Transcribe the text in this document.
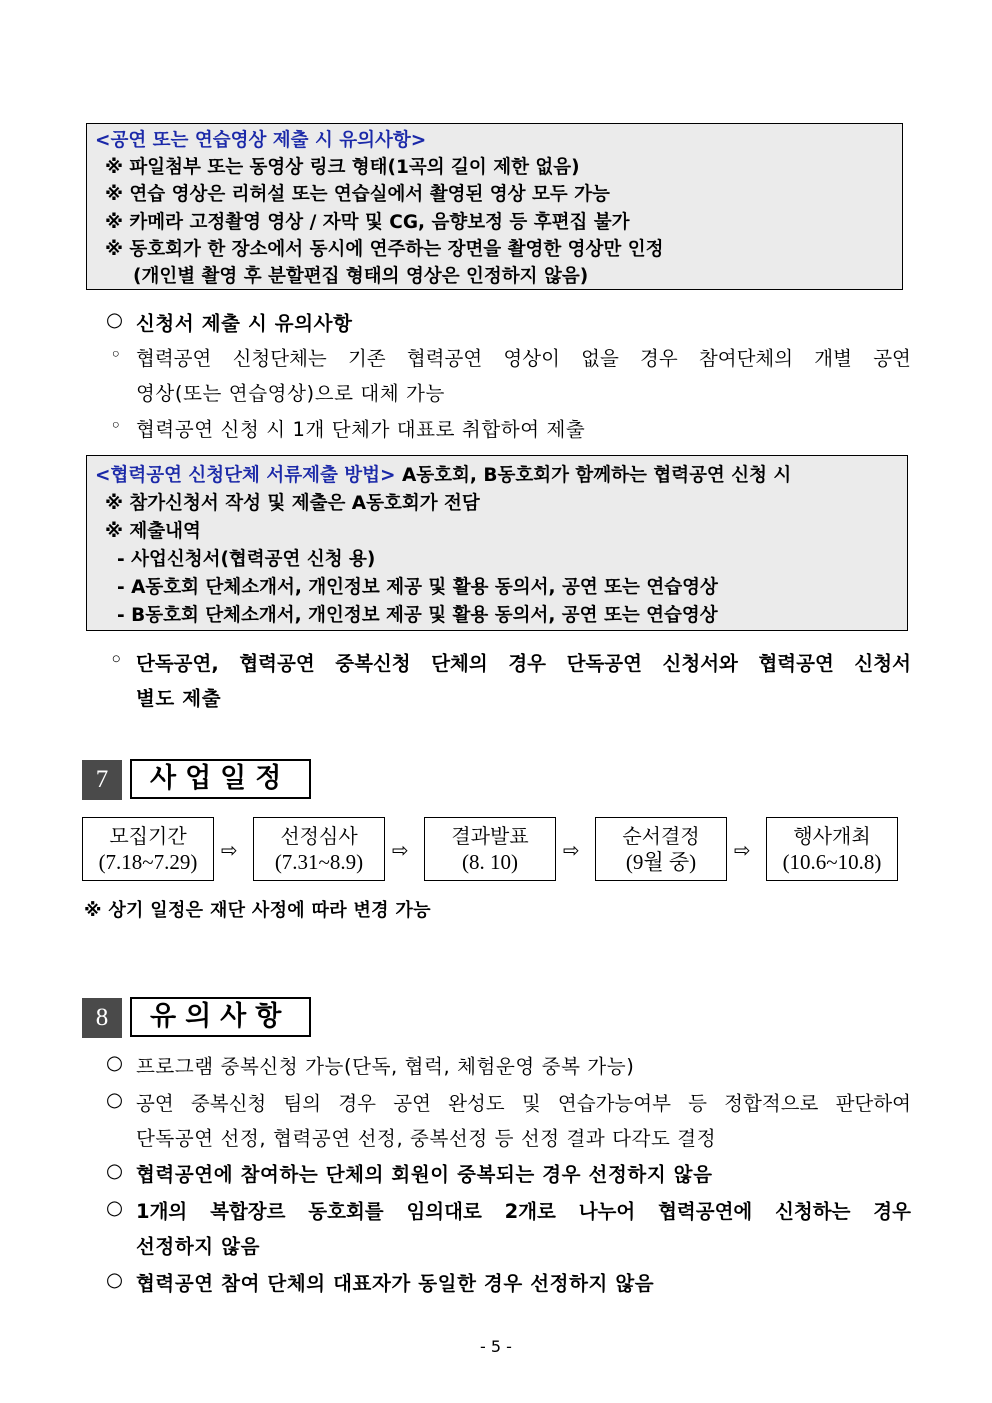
<공연 또는 연습영상 제출 시 유의사항>
※ 파일첨부 또는 동영상 링크 형태(1곡의 길이 제한 없음)
※ 연습 영상은 리허설 또는 연습실에서 촬영된 영상 모두 가능
※ 카메라 고정촬영 영상 / 자막 및 CG, 음향보정 등 후편집 불가
※ 동호회가 한 장소에서 동시에 연주하는 장면을 촬영한 영상만 인정
(개인별 촬영 후 분할편집 형태의 영상은 인정하지 않음)
○ 신청서 제출 시 유의사항
◦ 협력공연 신청단체는 기존 협력공연 영상이 없을 경우 참여단체의 개별 공연
영상(또는 연습영상)으로 대체 가능
◦ 협력공연 신청 시 1개 단체가 대표로 취합하여 제출
<협력공연 신청단체 서류제출 방법> A동호회, B동호회가 함께하는 협력공연 신청 시
※ 참가신청서 작성 및 제출은 A동호회가 전담
※ 제출내역
- 사업신청서(협력공연 신청 용)
- A동호회 단체소개서, 개인정보 제공 및 활용 동의서, 공연 또는 연습영상
- B동호회 단체소개서, 개인정보 제공 및 활용 동의서, 공연 또는 연습영상
◦ 단독공연, 협력공연 중복신청 단체의 경우 단독공연 신청서와 협력공연 신청서
별도 제출
7	사업일정
모집기간
(7.18~7.29)	⇨
선정심사
(7.31~8.9)	⇨
결과발표
(8. 10)	⇨
순서결정
(9월 중)	⇨
행사개최
(10.6~10.8)
※ 상기 일정은 재단 사정에 따라 변경 가능
8	유의사항
○ 프로그램 중복신청 가능(단독, 협럭, 체험운영 중복 가능)
○ 공연 중복신청 팀의 경우 공연 완성도 및 연습가능여부 등 정합적으로 판단하여
단독공연 선정, 협력공연 선정, 중복선정 등 선정 결과 다각도 결정
○ 협력공연에 참여하는 단체의 회원이 중복되는 경우 선정하지 않음
○ 1개의 복합장르 동호회를 임의대로 2개로 나누어 협력공연에 신청하는 경우
선정하지 않음
○ 협력공연 참여 단체의 대표자가 동일한 경우 선정하지 않음
- 5 -
